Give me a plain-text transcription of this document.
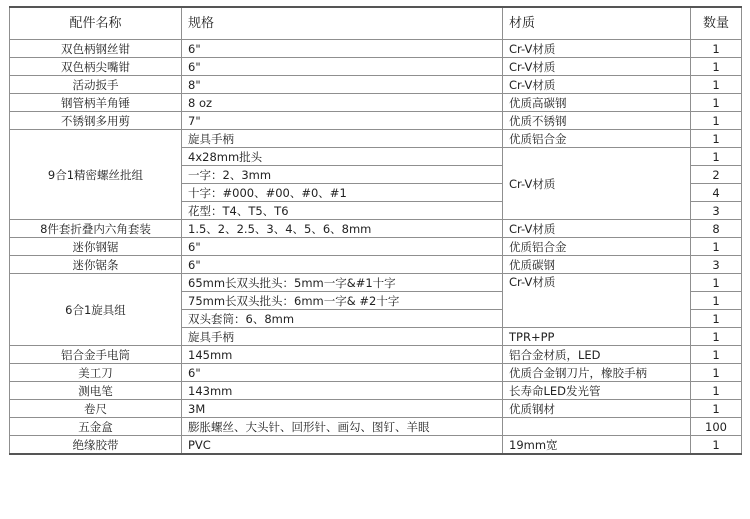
配件名称	规格	材质	数量
双色柄钢丝钳	6"	Cr-V材质	1
双色柄尖嘴钳	6"	Cr-V材质	1
活动扳手	8"	Cr-V材质	1
钢管柄羊角锤	8 oz	优质高碳钢	1
不锈钢多用剪	7"	优质不锈钢	1
9合1精密螺丝批组	旋具手柄	优质铝合金	1
	4x28mm批头	Cr-V材质	1
	一字：2、3mm		2
	十字：#000、#00、#0、#1		4
	花型：T4、T5、T6		3
8件套折叠内六角套装	1.5、2、2.5、3、4、5、6、8mm	Cr-V材质	8
迷你钢锯	6"	优质铝合金	1
迷你锯条	6"	优质碳钢	3
6合1旋具组	65mm长双头批头：5mm一字&#1十字	Cr-V材质	1
	75mm长双头批头：6mm一字& #2十字		1
	双头套筒：6、8mm		1
	旋具手柄	TPR+PP	1
铝合金手电筒	145mm	铝合金材质，LED	1
美工刀	6"	优质合金钢刀片，橡胶手柄	1
测电笔	143mm	长寿命LED发光管	1
卷尺	3M	优质钢材	1
五金盒	膨胀螺丝、大头针、回形针、画勾、图钉、羊眼		100
绝缘胶带	PVC	19mm宽	1
